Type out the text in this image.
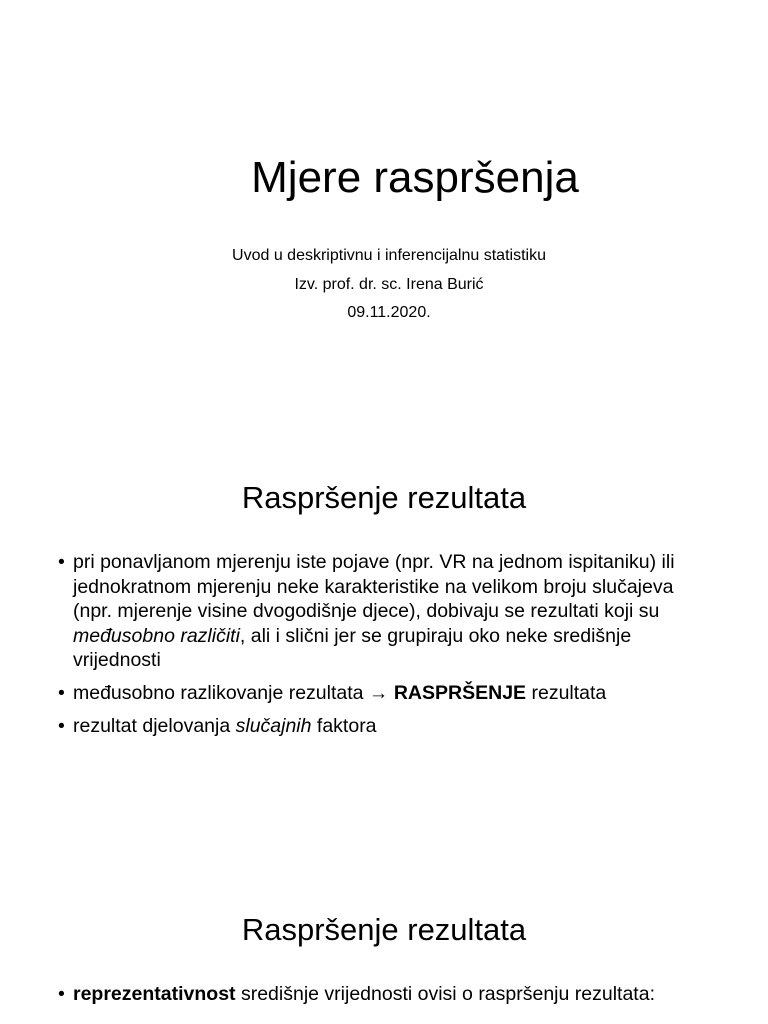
Mjere raspršenja

Uvod u deskriptivnu i inferencijalnu statistiku

Izv. prof. dr. sc. Irena Burić

09.11.2020.

Raspršenje rezultata
• pri ponavljanom mjerenju iste pojave (npr. VR na jednom ispitaniku) ili jednokratnom mjerenju neke karakteristike na velikom broju slučajeva (npr. mjerenje visine dvogodišnje djece), dobivaju se rezultati koji su međusobno različiti, ali i slični jer se grupiraju oko neke središnje vrijednosti
• međusobno razlikovanje rezultata → RASPRŠENJE rezultata
• rezultat djelovanja slučajnih faktora
Raspršenje rezultata
• reprezentativnost središnje vrijednosti ovisi o raspršenju rezultata:
